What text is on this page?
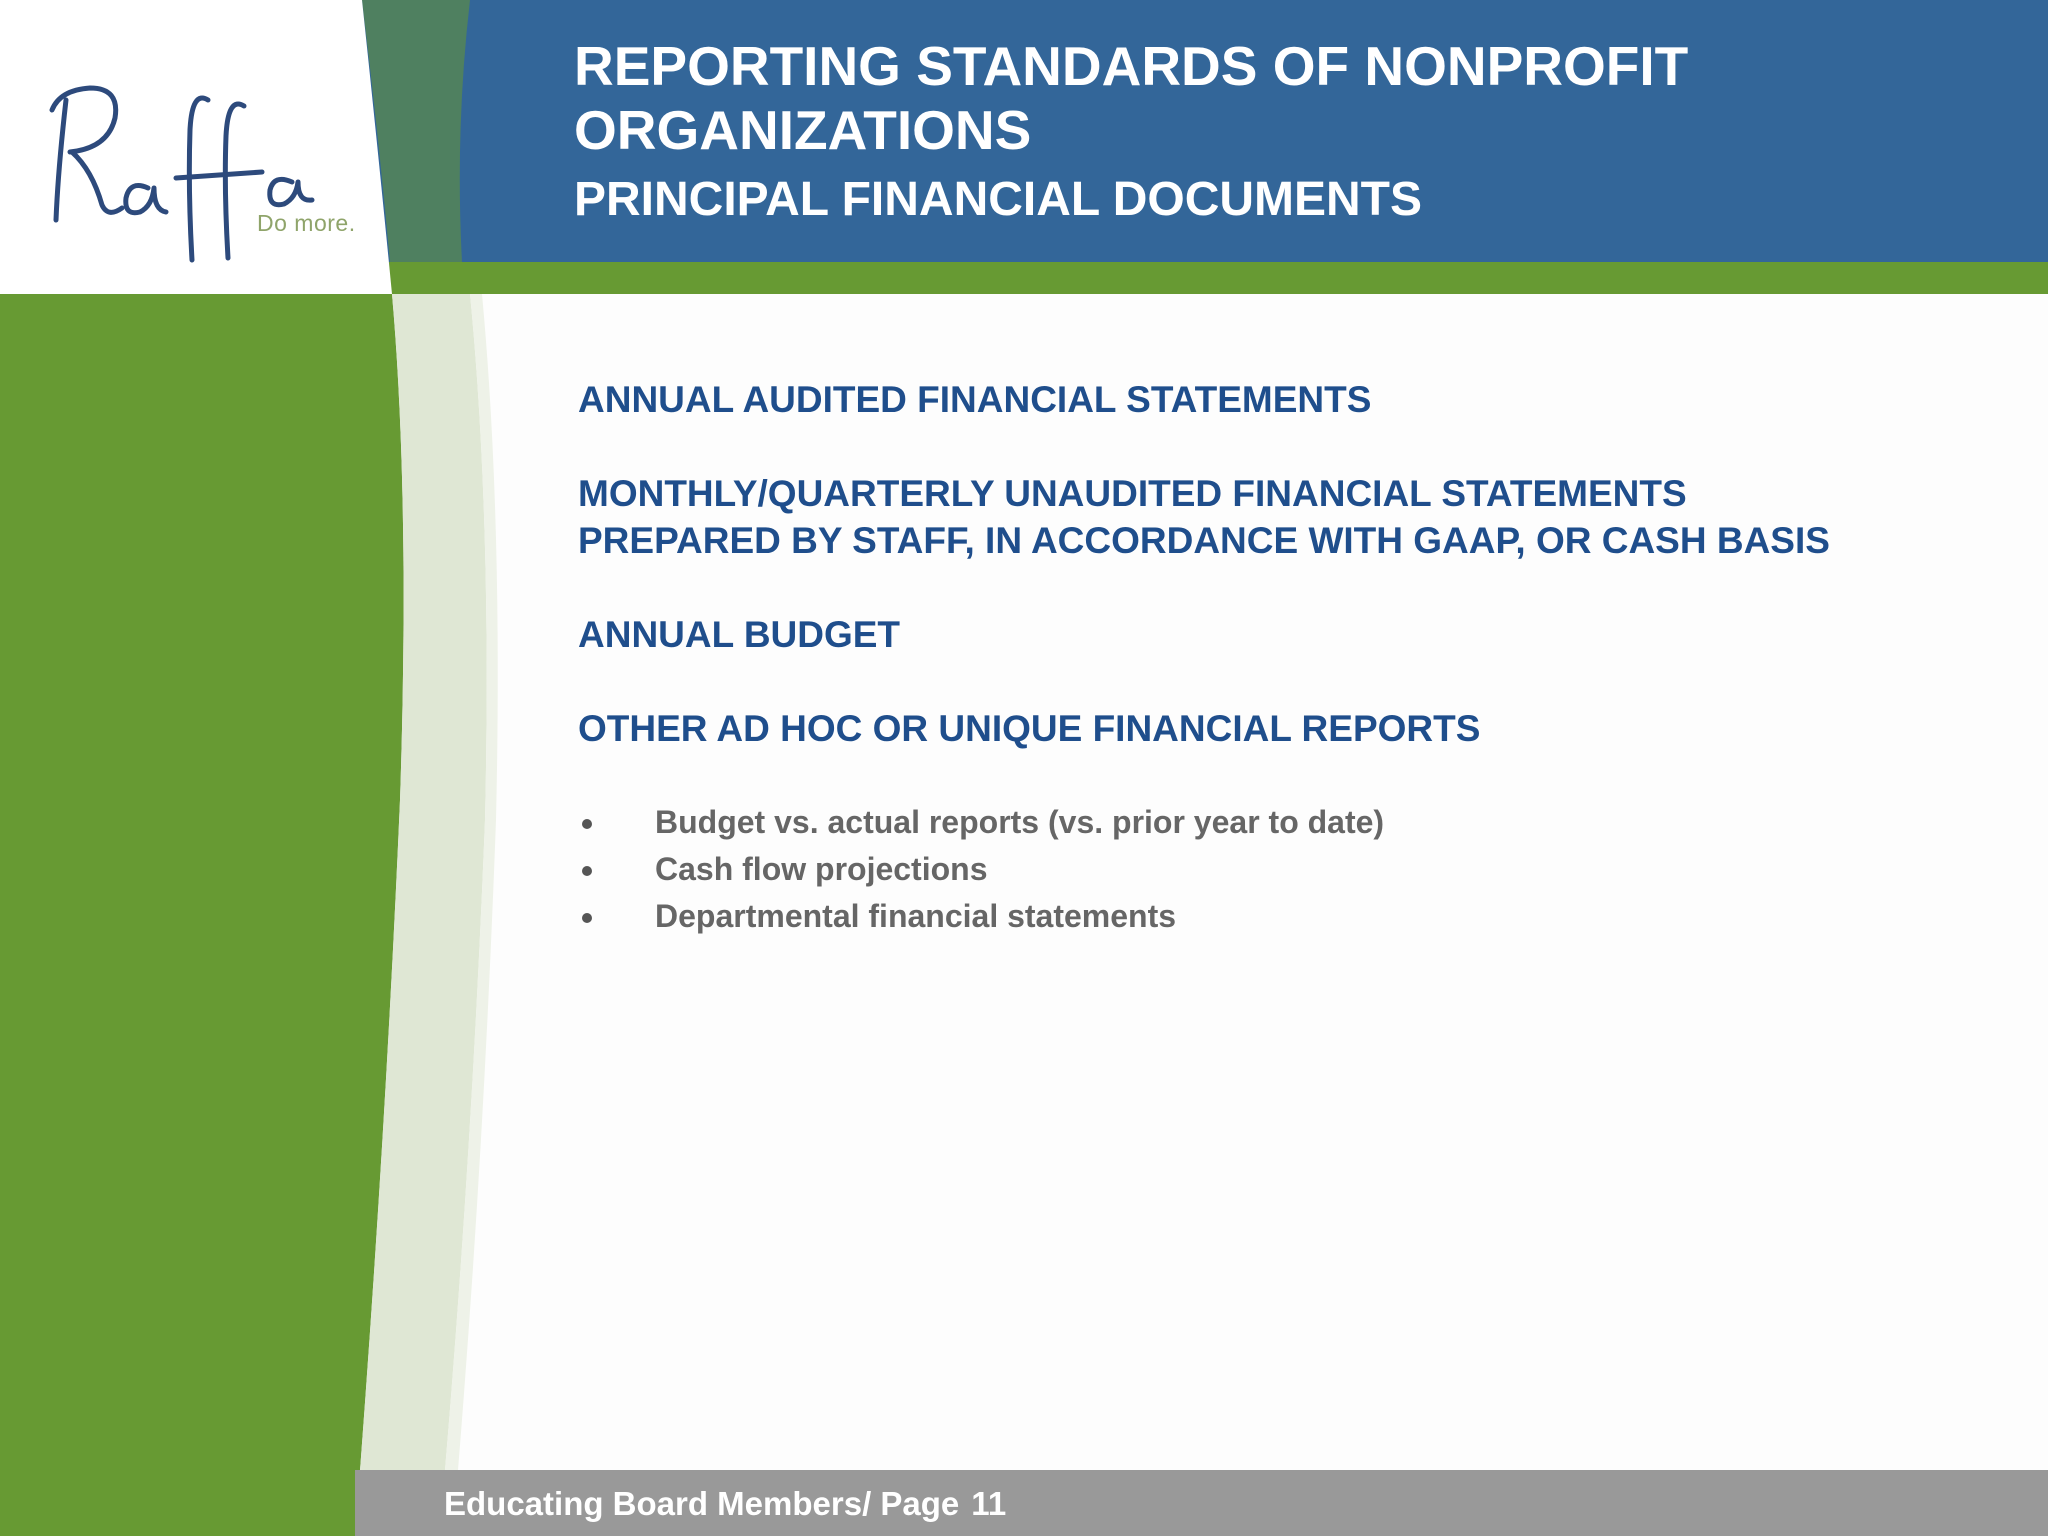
Do more.
REPORTING STANDARDS OF NONPROFIT ORGANIZATIONS
PRINCIPAL FINANCIAL DOCUMENTS
ANNUAL AUDITED FINANCIAL STATEMENTS
MONTHLY/QUARTERLY UNAUDITED FINANCIAL STATEMENTS
PREPARED BY STAFF, IN ACCORDANCE WITH GAAP, OR CASH BASIS
ANNUAL BUDGET
OTHER AD HOC OR UNIQUE FINANCIAL REPORTS
Budget vs. actual reports (vs. prior year to date)
Cash flow projections
Departmental financial statements
Educating Board Members/ Page 11
